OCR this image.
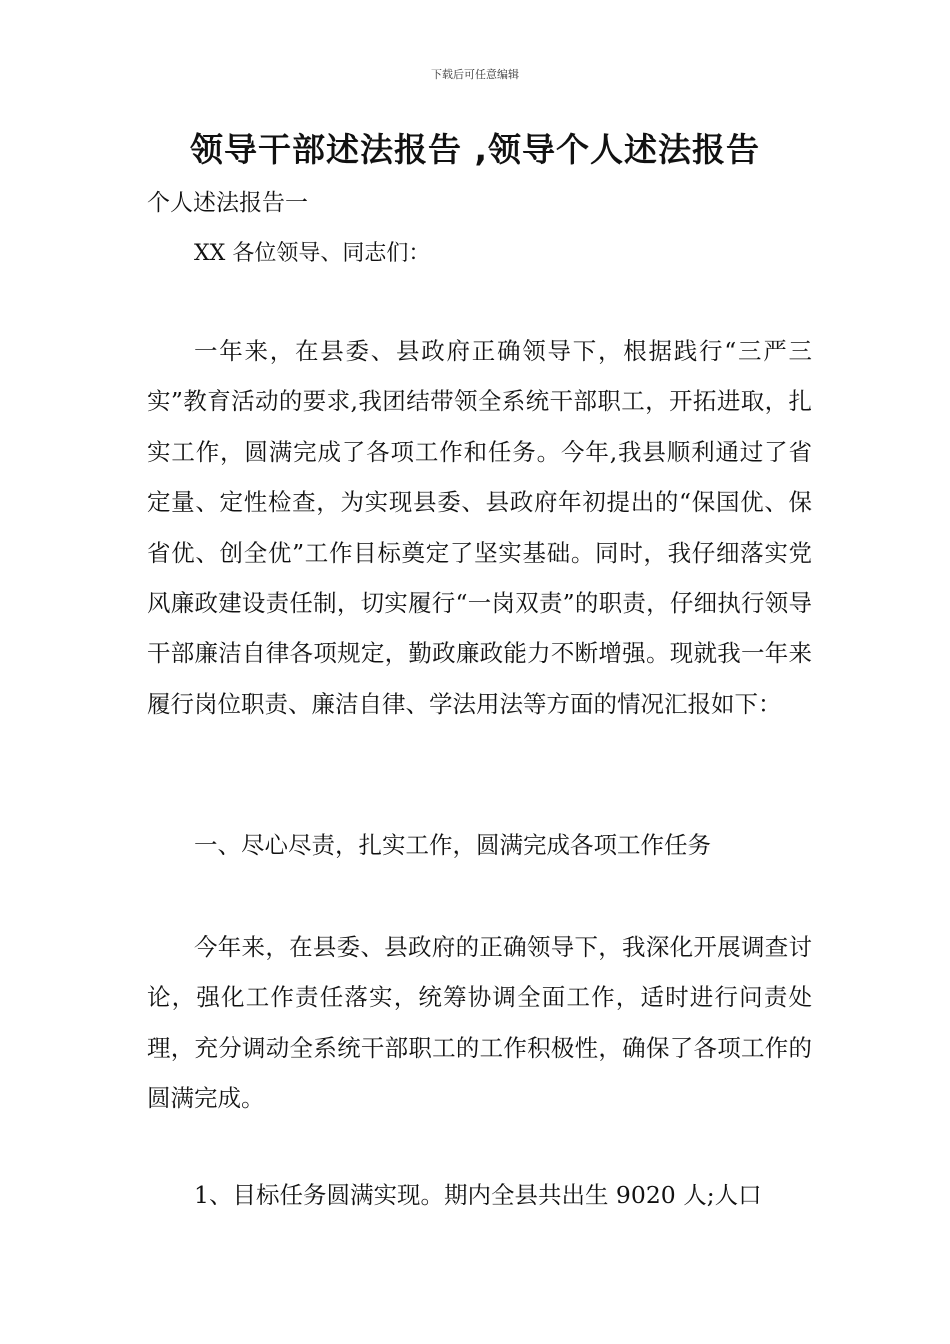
下载后可任意编辑
领导干部述法报告 ,领导个人述法报告
个人述法报告一
XX 各位领导、同志们：

一年来，在县委、县政府正确领导下，根据践行“三严三实”教育活动的要求,我团结带领全系统干部职工，开拓进取，扎实工作，圆满完成了各项工作和任务。今年,我县顺利通过了省定量、定性检查，为实现县委、县政府年初提出的“保国优、保省优、创全优”工作目标奠定了坚实基础。同时，我仔细落实党风廉政建设责任制，切实履行“一岗双责”的职责，仔细执行领导干部廉洁自律各项规定，勤政廉政能力不断增强。现就我一年来履行岗位职责、廉洁自律、学法用法等方面的情况汇报如下：

一、尽心尽责，扎实工作，圆满完成各项工作任务

今年来，在县委、县政府的正确领导下，我深化开展调查讨论，强化工作责任落实，统筹协调全面工作，适时进行问责处理，充分调动全系统干部职工的工作积极性，确保了各项工作的圆满完成。

1、目标任务圆满实现。期内全县共出生 9020 人;人口
